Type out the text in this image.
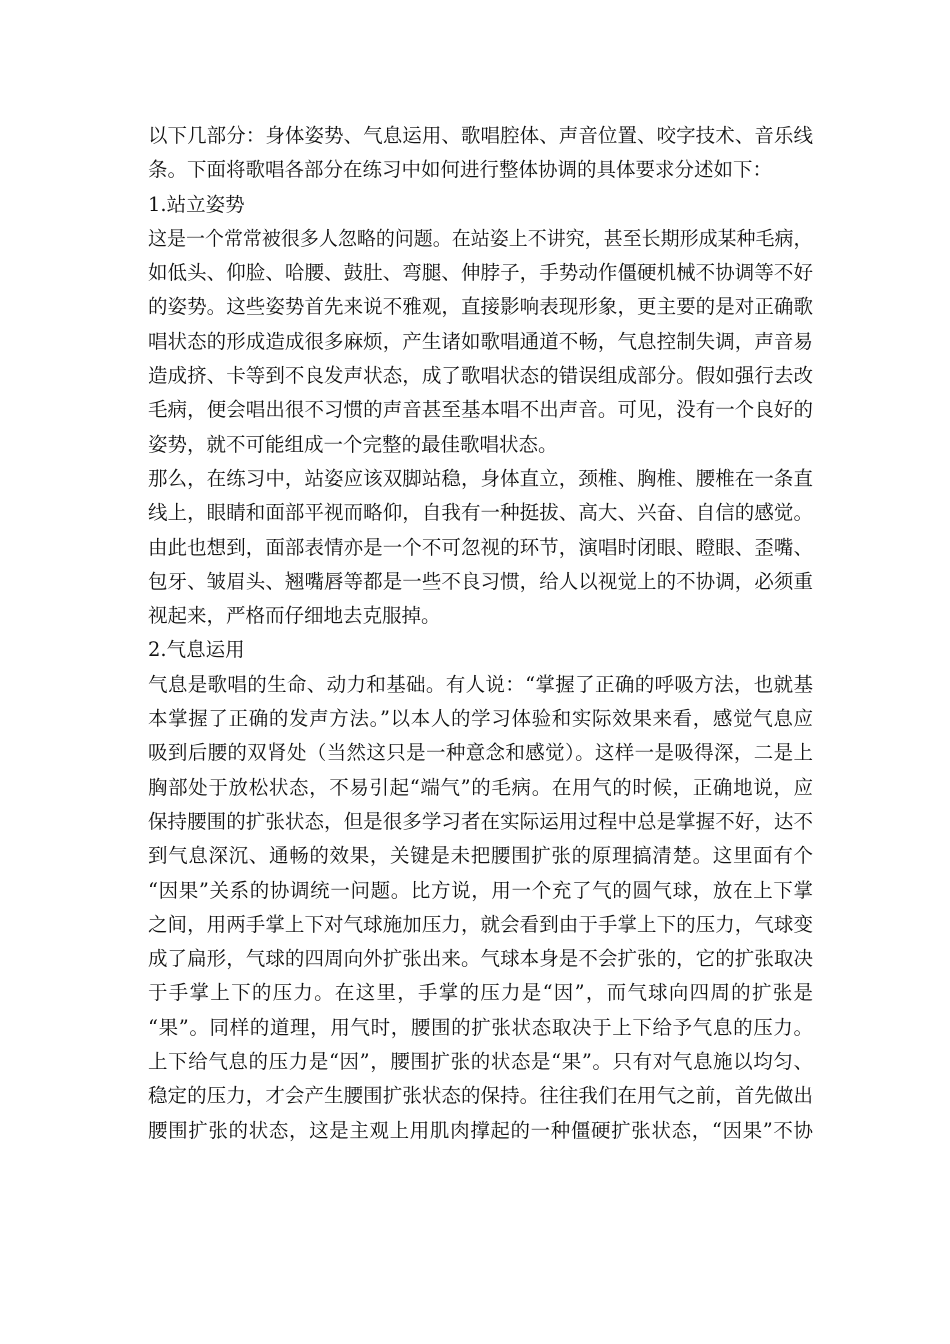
以下几部分：身体姿势、气息运用、歌唱腔体、声音位置、咬字技术、音乐线
条。下面将歌唱各部分在练习中如何进行整体协调的具体要求分述如下：
1.站立姿势
这是一个常常被很多人忽略的问题。在站姿上不讲究，甚至长期形成某种毛病，
如低头、仰脸、哈腰、鼓肚、弯腿、伸脖子，手势动作僵硬机械不协调等不好
的姿势。这些姿势首先来说不雅观，直接影响表现形象，更主要的是对正确歌
唱状态的形成造成很多麻烦，产生诸如歌唱通道不畅，气息控制失调，声音易
造成挤、卡等到不良发声状态，成了歌唱状态的错误组成部分。假如强行去改
毛病，便会唱出很不习惯的声音甚至基本唱不出声音。可见，没有一个良好的
姿势，就不可能组成一个完整的最佳歌唱状态。
那么，在练习中，站姿应该双脚站稳，身体直立，颈椎、胸椎、腰椎在一条直
线上，眼睛和面部平视而略仰，自我有一种挺拔、高大、兴奋、自信的感觉。
由此也想到，面部表情亦是一个不可忽视的环节，演唱时闭眼、瞪眼、歪嘴、
包牙、皱眉头、翘嘴唇等都是一些不良习惯，给人以视觉上的不协调，必须重
视起来，严格而仔细地去克服掉。
2.气息运用
气息是歌唱的生命、动力和基础。有人说：“掌握了正确的呼吸方法，也就基
本掌握了正确的发声方法。”以本人的学习体验和实际效果来看，感觉气息应
吸到后腰的双肾处（当然这只是一种意念和感觉）。这样一是吸得深，二是上
胸部处于放松状态，不易引起“端气”的毛病。在用气的时候，正确地说，应
保持腰围的扩张状态，但是很多学习者在实际运用过程中总是掌握不好，达不
到气息深沉、通畅的效果，关键是未把腰围扩张的原理搞清楚。这里面有个
“因果”关系的协调统一问题。比方说，用一个充了气的圆气球，放在上下掌
之间，用两手掌上下对气球施加压力，就会看到由于手掌上下的压力，气球变
成了扁形，气球的四周向外扩张出来。气球本身是不会扩张的，它的扩张取决
于手掌上下的压力。在这里，手掌的压力是“因”，而气球向四周的扩张是
“果”。同样的道理，用气时，腰围的扩张状态取决于上下给予气息的压力。
上下给气息的压力是“因”，腰围扩张的状态是“果”。只有对气息施以均匀、
稳定的压力，才会产生腰围扩张状态的保持。往往我们在用气之前，首先做出
腰围扩张的状态，这是主观上用肌肉撑起的一种僵硬扩张状态，“因果”不协
